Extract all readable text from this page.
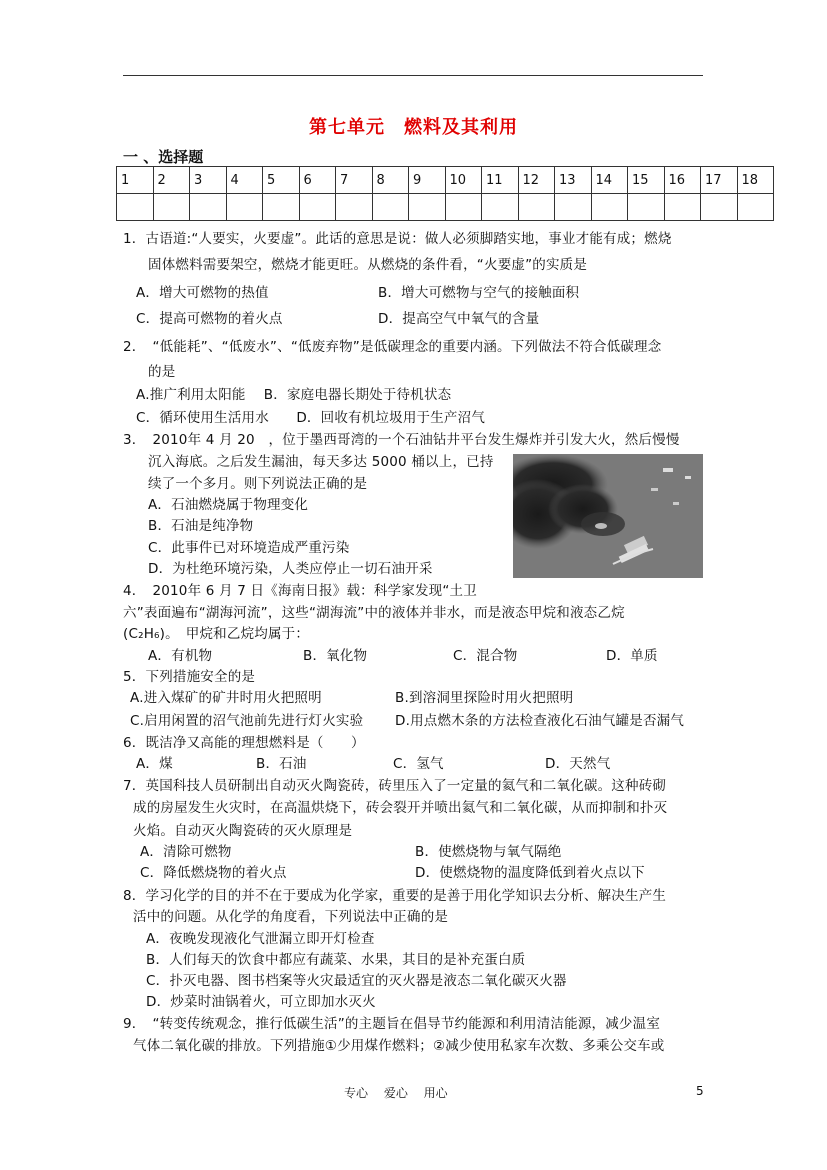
第七单元　燃料及其利用
一 、选择题
1	2	3	4	5	6	7	8	9	10	11	12	13	14	15	16	17	18

1．古语道:“人要实，火要虚”。此话的意思是说：做人必须脚踏实地，事业才能有成；燃烧
固体燃料需要架空，燃烧才能更旺。从燃烧的条件看，“火要虚”的实质是
A．增大可燃物的热值	B．增大可燃物与空气的接触面积
C．提高可燃物的着火点	D．提高空气中氧气的含量
2．　“低能耗”、“低废水”、“低废弃物”是低碳理念的重要内涵。下列做法不符合低碳理念
的是
A.推广利用太阳能　 B．家庭电器长期处于待机状态
C．循环使用生活用水　　D．回收有机垃圾用于生产沼气
3．　2010年 4 月 20　，位于墨西哥湾的一个石油钻井平台发生爆炸并引发大火，然后慢慢
沉入海底。之后发生漏油，每天多达 5000 桶以上，已持
续了一个多月。则下列说法正确的是
A．石油燃烧属于物理变化
B．石油是纯净物
C．此事件已对环境造成严重污染
D．为杜绝环境污染，人类应停止一切石油开采
4．　2010年 6 月 7 日《海南日报》载：科学家发现“土卫
六”表面遍布“湖海河流”，这些“湖海流”中的液体并非水，而是液态甲烷和液态乙烷
(C₂H₆)。　甲烷和乙烷均属于：
A．有机物	B．氧化物	C．混合物	D．单质
5．下列措施安全的是
A.进入煤矿的矿井时用火把照明	B.到溶洞里探险时用火把照明
C.启用闲置的沼气池前先进行灯火实验 D.用点燃木条的方法检查液化石油气罐是否漏气
6．既洁净又高能的理想燃料是（　　）
A．煤	B．石油	C．氢气	D．天然气
7．英国科技人员研制出自动灭火陶瓷砖，砖里压入了一定量的氦气和二氧化碳。这种砖砌
成的房屋发生火灾时，在高温烘烧下，砖会裂开并喷出氦气和二氧化碳，从而抑制和扑灭
火焰。自动灭火陶瓷砖的灭火原理是
A．清除可燃物	B．使燃烧物与氧气隔绝
C．降低燃烧物的着火点	D．使燃烧物的温度降低到着火点以下
8．学习化学的目的并不在于要成为化学家，重要的是善于用化学知识去分析、解决生产生
活中的问题。从化学的角度看，下列说法中正确的是
A．夜晚发现液化气泄漏立即开灯检查
B．人们每天的饮食中都应有蔬菜、水果，其目的是补充蛋白质
C．扑灭电器、图书档案等火灾最适宜的灭火器是液态二氧化碳灭火器
D．炒菜时油锅着火，可立即加水灭火
9．　“转变传统观念，推行低碳生活”的主题旨在倡导节约能源和利用清洁能源，减少温室
气体二氧化碳的排放。下列措施①少用煤作燃料；②减少使用私家车次数、多乘公交车或
专心　 爱心　 用心	5
